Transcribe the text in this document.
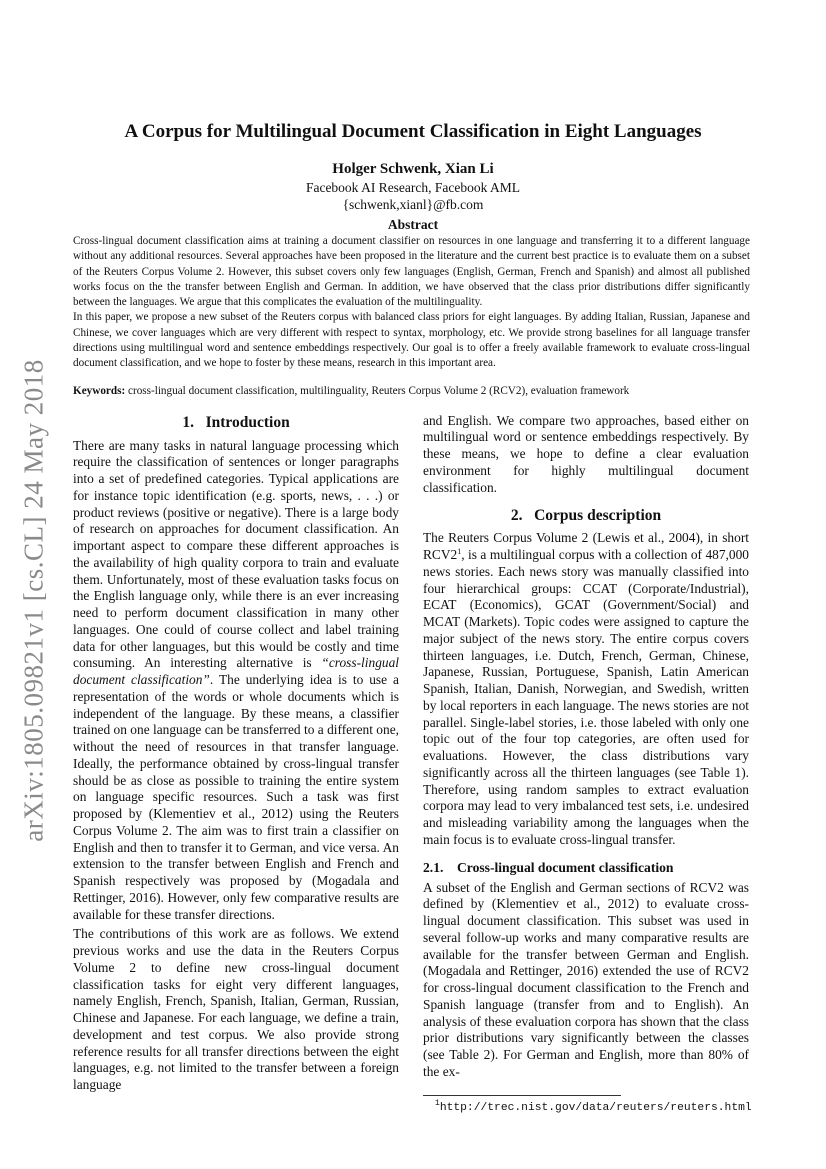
arXiv:1805.09821v1 [cs.CL] 24 May 2018
A Corpus for Multilingual Document Classification in Eight Languages
Holger Schwenk, Xian Li
Facebook AI Research, Facebook AML
{schwenk,xianl}@fb.com
Abstract

Cross-lingual document classification aims at training a document classifier on resources in one language and transferring it to a different language without any additional resources. Several approaches have been proposed in the literature and the current best practice is to evaluate them on a subset of the Reuters Corpus Volume 2. However, this subset covers only few languages (English, German, French and Spanish) and almost all published works focus on the the transfer between English and German. In addition, we have observed that the class prior distributions differ significantly between the languages. We argue that this complicates the evaluation of the multilinguality.

In this paper, we propose a new subset of the Reuters corpus with balanced class priors for eight languages. By adding Italian, Russian, Japanese and Chinese, we cover languages which are very different with respect to syntax, morphology, etc. We provide strong baselines for all language transfer directions using multilingual word and sentence embeddings respectively. Our goal is to offer a freely available framework to evaluate cross-lingual document classification, and we hope to foster by these means, research in this important area.

Keywords: cross-lingual document classification, multilinguality, Reuters Corpus Volume 2 (RCV2), evaluation framework
1.   Introduction

There are many tasks in natural language processing which require the classification of sentences or longer paragraphs into a set of predefined categories. Typical applications are for instance topic identification (e.g. sports, news, . . .) or product reviews (positive or negative). There is a large body of research on approaches for document classification. An important aspect to compare these different approaches is the availability of high quality corpora to train and evaluate them. Unfortunately, most of these evaluation tasks focus on the English language only, while there is an ever increasing need to perform document classification in many other languages. One could of course collect and label training data for other languages, but this would be costly and time consuming. An interesting alternative is “cross-lingual document classification”. The underlying idea is to use a representation of the words or whole documents which is independent of the language. By these means, a classifier trained on one language can be transferred to a different one, without the need of resources in that transfer language. Ideally, the performance obtained by cross-lingual transfer should be as close as possible to training the entire system on language specific resources. Such a task was first proposed by (Klementiev et al., 2012) using the Reuters Corpus Volume 2. The aim was to first train a classifier on English and then to transfer it to German, and vice versa. An extension to the transfer between English and French and Spanish respectively was proposed by (Mogadala and Rettinger, 2016). However, only few comparative results are available for these transfer directions.

The contributions of this work are as follows. We extend previous works and use the data in the Reuters Corpus Volume 2 to define new cross-lingual document classification tasks for eight very different languages, namely English, French, Spanish, Italian, German, Russian, Chinese and Japanese. For each language, we define a train, development and test corpus. We also provide strong reference results for all transfer directions between the eight languages, e.g. not limited to the transfer between a foreign language

and English. We compare two approaches, based either on multilingual word or sentence embeddings respectively. By these means, we hope to define a clear evaluation environment for highly multilingual document classification.

2.   Corpus description

The Reuters Corpus Volume 2 (Lewis et al., 2004), in short $RCV2^1$, is a multilingual corpus with a collection of 487,000 news stories. Each news story was manually classified into four hierarchical groups: CCAT (Corporate/Industrial), ECAT (Economics), GCAT (Government/Social) and MCAT (Markets). Topic codes were assigned to capture the major subject of the news story. The entire corpus covers thirteen languages, i.e. Dutch, French, German, Chinese, Japanese, Russian, Portuguese, Spanish, Latin American Spanish, Italian, Danish, Norwegian, and Swedish, written by local reporters in each language. The news stories are not parallel. Single-label stories, i.e. those labeled with only one topic out of the four top categories, are often used for evaluations. However, the class distributions vary significantly across all the thirteen languages (see Table 1). Therefore, using random samples to extract evaluation corpora may lead to very imbalanced test sets, i.e. undesired and misleading variability among the languages when the main focus is to evaluate cross-lingual transfer.

2.1.    Cross-lingual document classification

A subset of the English and German sections of RCV2 was defined by (Klementiev et al., 2012) to evaluate cross-lingual document classification. This subset was used in several follow-up works and many comparative results are available for the transfer between German and English. (Mogadala and Rettinger, 2016) extended the use of RCV2 for cross-lingual document classification to the French and Spanish language (transfer from and to English). An analysis of these evaluation corpora has shown that the class prior distributions vary significantly between the classes (see Table 2). For German and English, more than 80% of the ex-

$^1$http://trec.nist.gov/data/reuters/reuters.html
